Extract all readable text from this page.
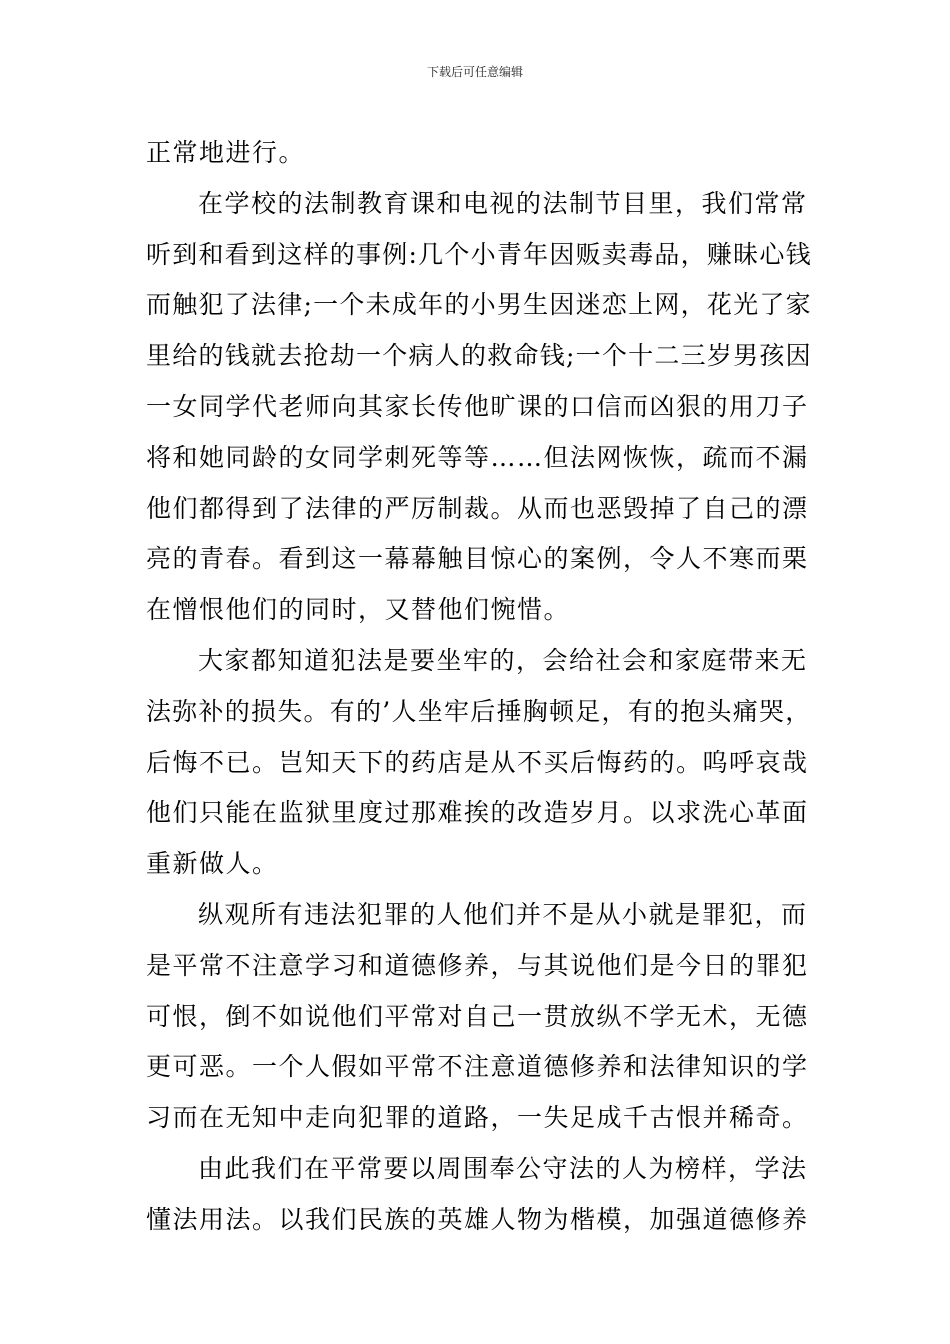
下载后可任意编辑
正常地进行。
在学校的法制教育课和电视的法制节目里，我们常常
听到和看到这样的事例:几个小青年因贩卖毒品，赚昧心钱
而触犯了法律;一个未成年的小男生因迷恋上网，花光了家
里给的钱就去抢劫一个病人的救命钱;一个十二三岁男孩因
一女同学代老师向其家长传他旷课的口信而凶狠的用刀子
将和她同龄的女同学刺死等等……但法网恢恢，疏而不漏
他们都得到了法律的严厉制裁。从而也恶毁掉了自己的漂
亮的青春。看到这一幕幕触目惊心的案例，令人不寒而栗
在憎恨他们的同时，又替他们惋惜。
大家都知道犯法是要坐牢的，会给社会和家庭带来无
法弥补的损失。有的’人坐牢后捶胸顿足，有的抱头痛哭，
后悔不已。岂知天下的药店是从不买后悔药的。呜呼哀哉
他们只能在监狱里度过那难挨的改造岁月。以求洗心革面
重新做人。
纵观所有违法犯罪的人他们并不是从小就是罪犯，而
是平常不注意学习和道德修养，与其说他们是今日的罪犯
可恨，倒不如说他们平常对自己一贯放纵不学无术，无德
更可恶。一个人假如平常不注意道德修养和法律知识的学
习而在无知中走向犯罪的道路，一失足成千古恨并稀奇。
由此我们在平常要以周围奉公守法的人为榜样，学法
懂法用法。以我们民族的英雄人物为楷模，加强道德修养
